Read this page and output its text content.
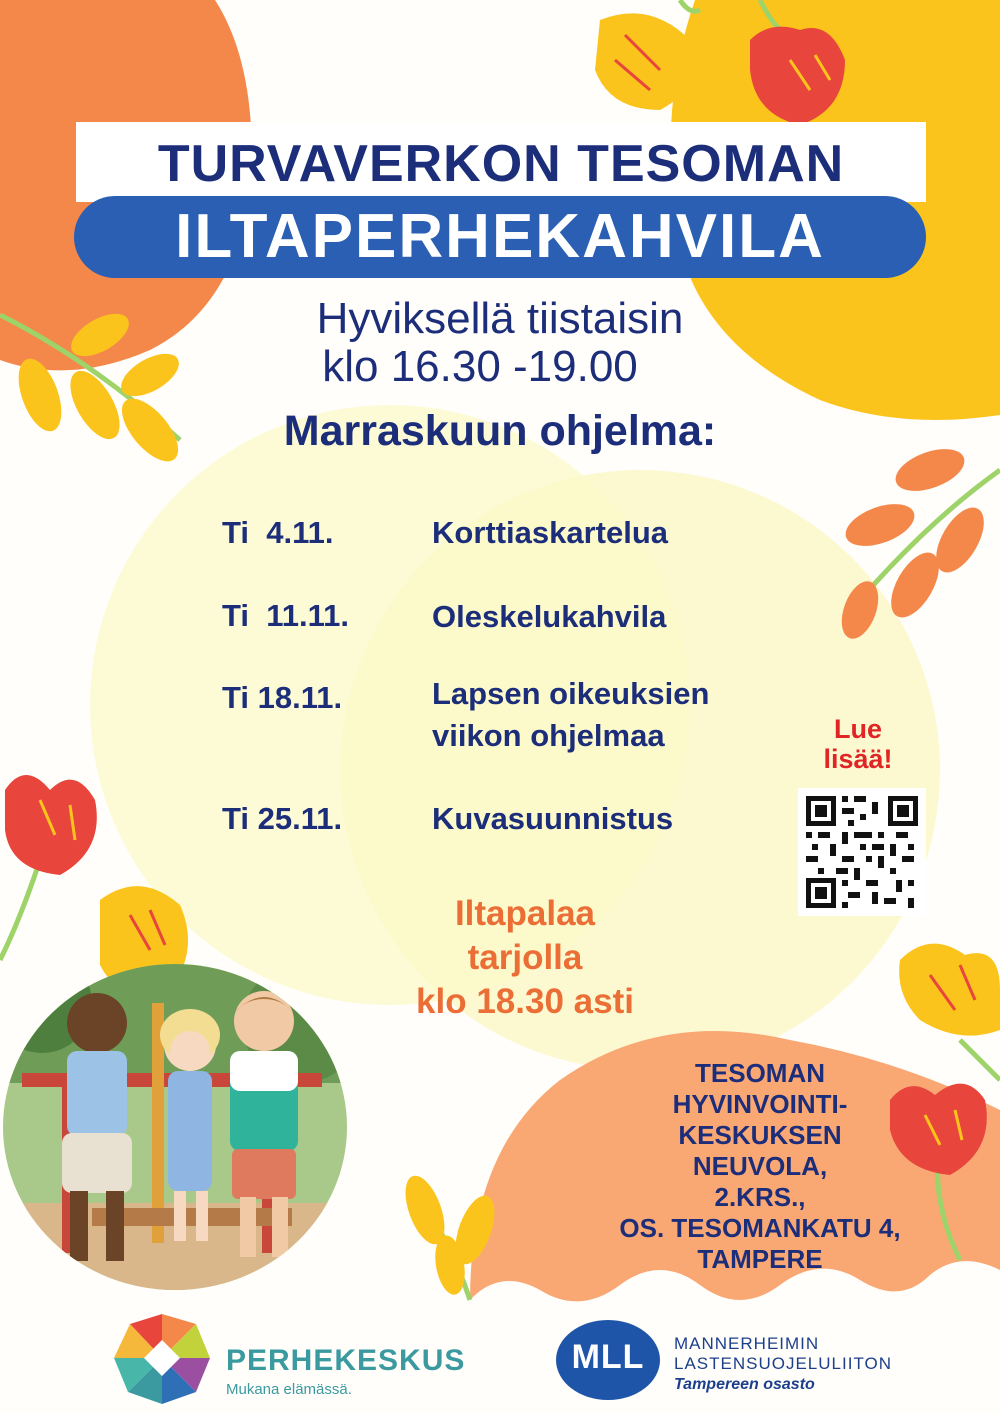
TURVAVERKON TESOMAN
ILTAPERHEKAHVILA
Hyviksellä tiistaisin
klo 16.30 -19.00
Marraskuun ohjelma:
Ti  4.11.	Korttiaskartelua
Ti  11.11.	Oleskelukahvila
Ti 18.11.	Lapsen oikeuksien viikon ohjelmaa
Ti 25.11.	Kuvasuunnistus
Iltapalaa
tarjolla
klo 18.30 asti
Lue
lisää!
TESOMAN
HYVINVOINTI-
KESKUKSEN
NEUVOLA,
2.KRS.,
OS. TESOMANKATU 4,
TAMPERE
PERHEKESKUS
Mukana elämässä.
MLL	MANNERHEIMIN
LASTENSUOJELULIITON
Tampereen osasto
